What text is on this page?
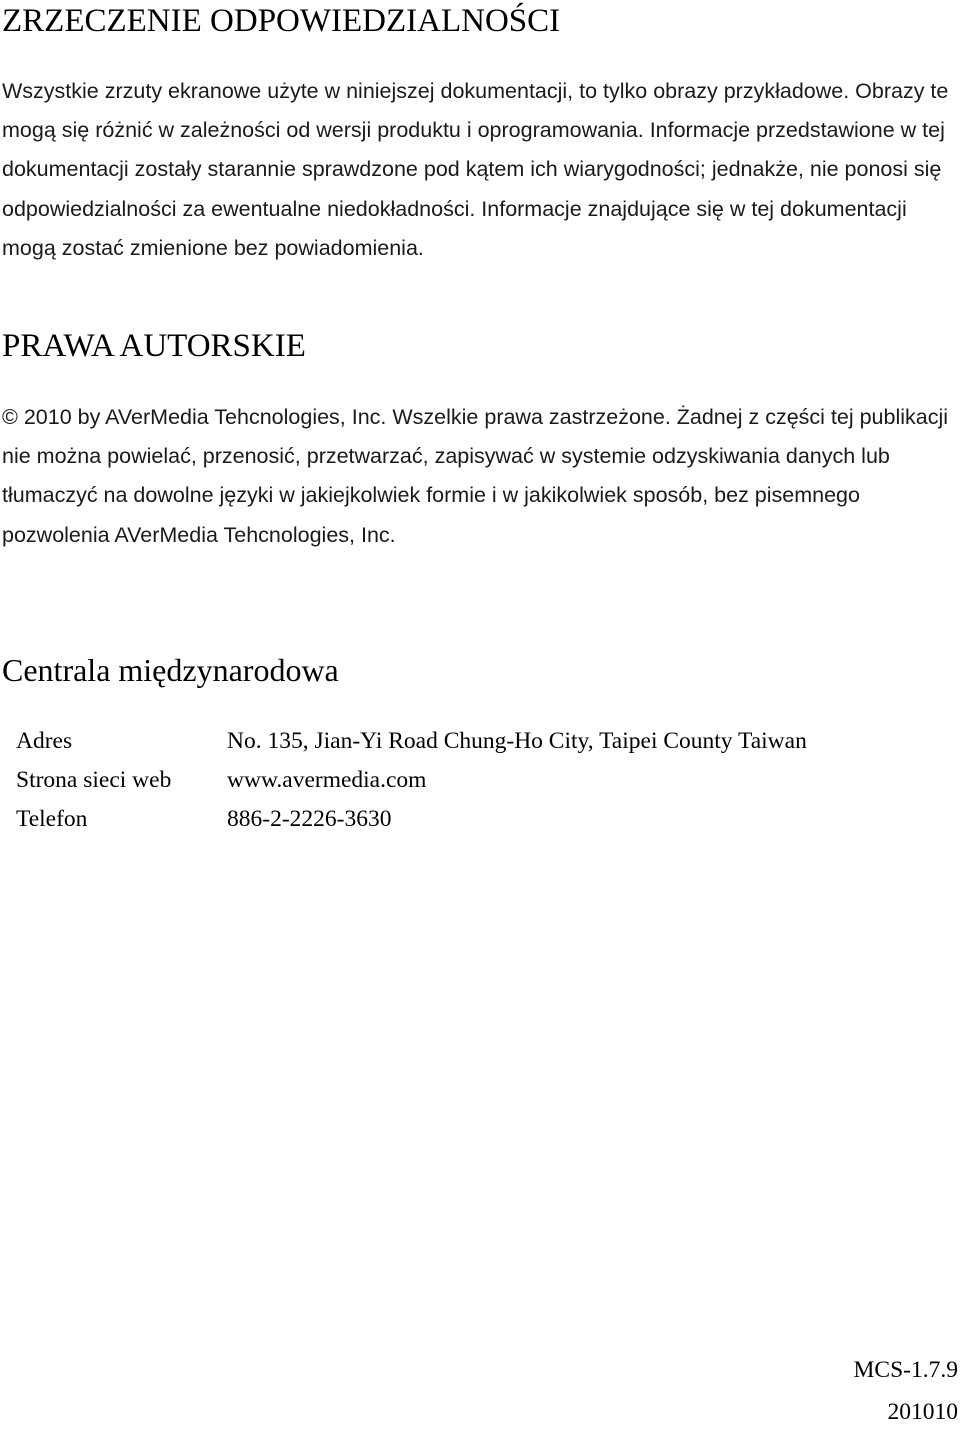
ZRZECZENIE ODPOWIEDZIALNOŚCI

Wszystkie zrzuty ekranowe użyte w niniejszej dokumentacji, to tylko obrazy przykładowe. Obrazy te mogą się różnić w zależności od wersji produktu i oprogramowania. Informacje przedstawione w tej dokumentacji zostały starannie sprawdzone pod kątem ich wiarygodności; jednakże, nie ponosi się odpowiedzialności za ewentualne niedokładności. Informacje znajdujące się w tej dokumentacji mogą zostać zmienione bez powiadomienia.

PRAWA AUTORSKIE

© 2010 by AVerMedia Tehcnologies, Inc. Wszelkie prawa zastrzeżone. Żadnej z części tej publikacji nie można powielać, przenosić, przetwarzać, zapisywać w systemie odzyskiwania danych lub tłumaczyć na dowolne języki w jakiejkolwiek formie i w jakikolwiek sposób, bez pisemnego pozwolenia AVerMedia Tehcnologies, Inc.

Centrala międzynarodowa
Adres	No. 135, Jian-Yi Road Chung-Ho City, Taipei County Taiwan
Strona sieci web	www.avermedia.com
Telefon	886-2-2226-3630
MCS-1.7.9
201010
